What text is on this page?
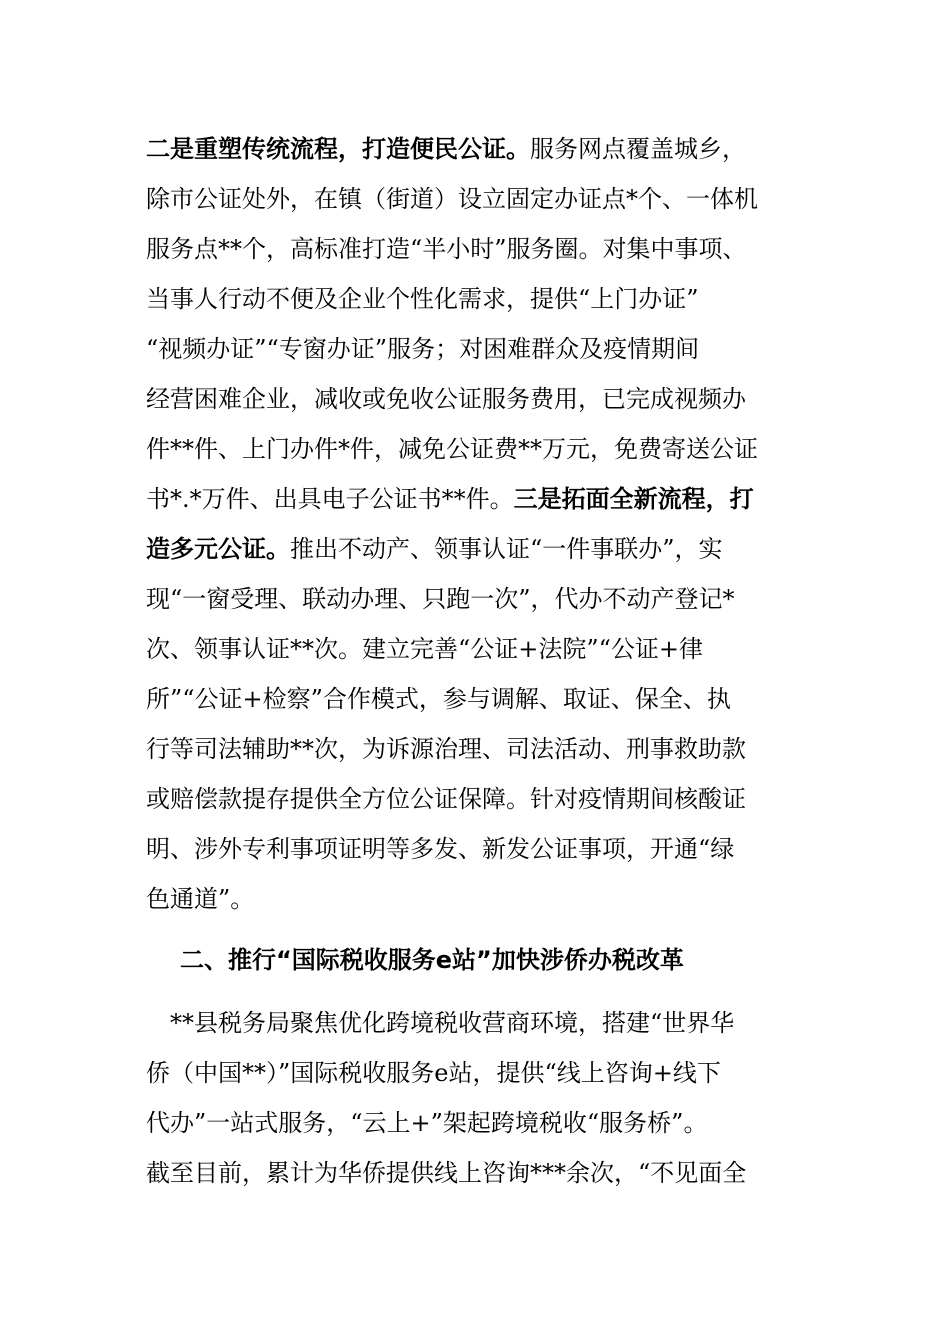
二是重塑传统流程，打造便民公证。服务网点覆盖城乡，
除市公证处外，在镇（街道）设立固定办证点*个、一体机
服务点**个，高标准打造“半小时”服务圈。对集中事项、
当事人行动不便及企业个性化需求，提供“上门办证”
“视频办证”“专窗办证”服务；对困难群众及疫情期间
经营困难企业，减收或免收公证服务费用，已完成视频办
件**件、上门办件*件，减免公证费**万元，免费寄送公证
书*.*万件、出具电子公证书**件。三是拓面全新流程，打
造多元公证。推出不动产、领事认证“一件事联办”，实
现“一窗受理、联动办理、只跑一次”，代办不动产登记*
次、领事认证**次。建立完善“公证+法院”“公证+律
所”“公证+检察”合作模式，参与调解、取证、保全、执
行等司法辅助**次，为诉源治理、司法活动、刑事救助款
或赔偿款提存提供全方位公证保障。针对疫情期间核酸证
明、涉外专利事项证明等多发、新发公证事项，开通“绿
色通道”。
二、推行“国际税收服务e站”加快涉侨办税改革
　**县税务局聚焦优化跨境税收营商环境，搭建“世界华
侨（中国**）”国际税收服务e站，提供“线上咨询+线下
代办”一站式服务，“云上+”架起跨境税收“服务桥”。
截至目前，累计为华侨提供线上咨询***余次，“不见面全
